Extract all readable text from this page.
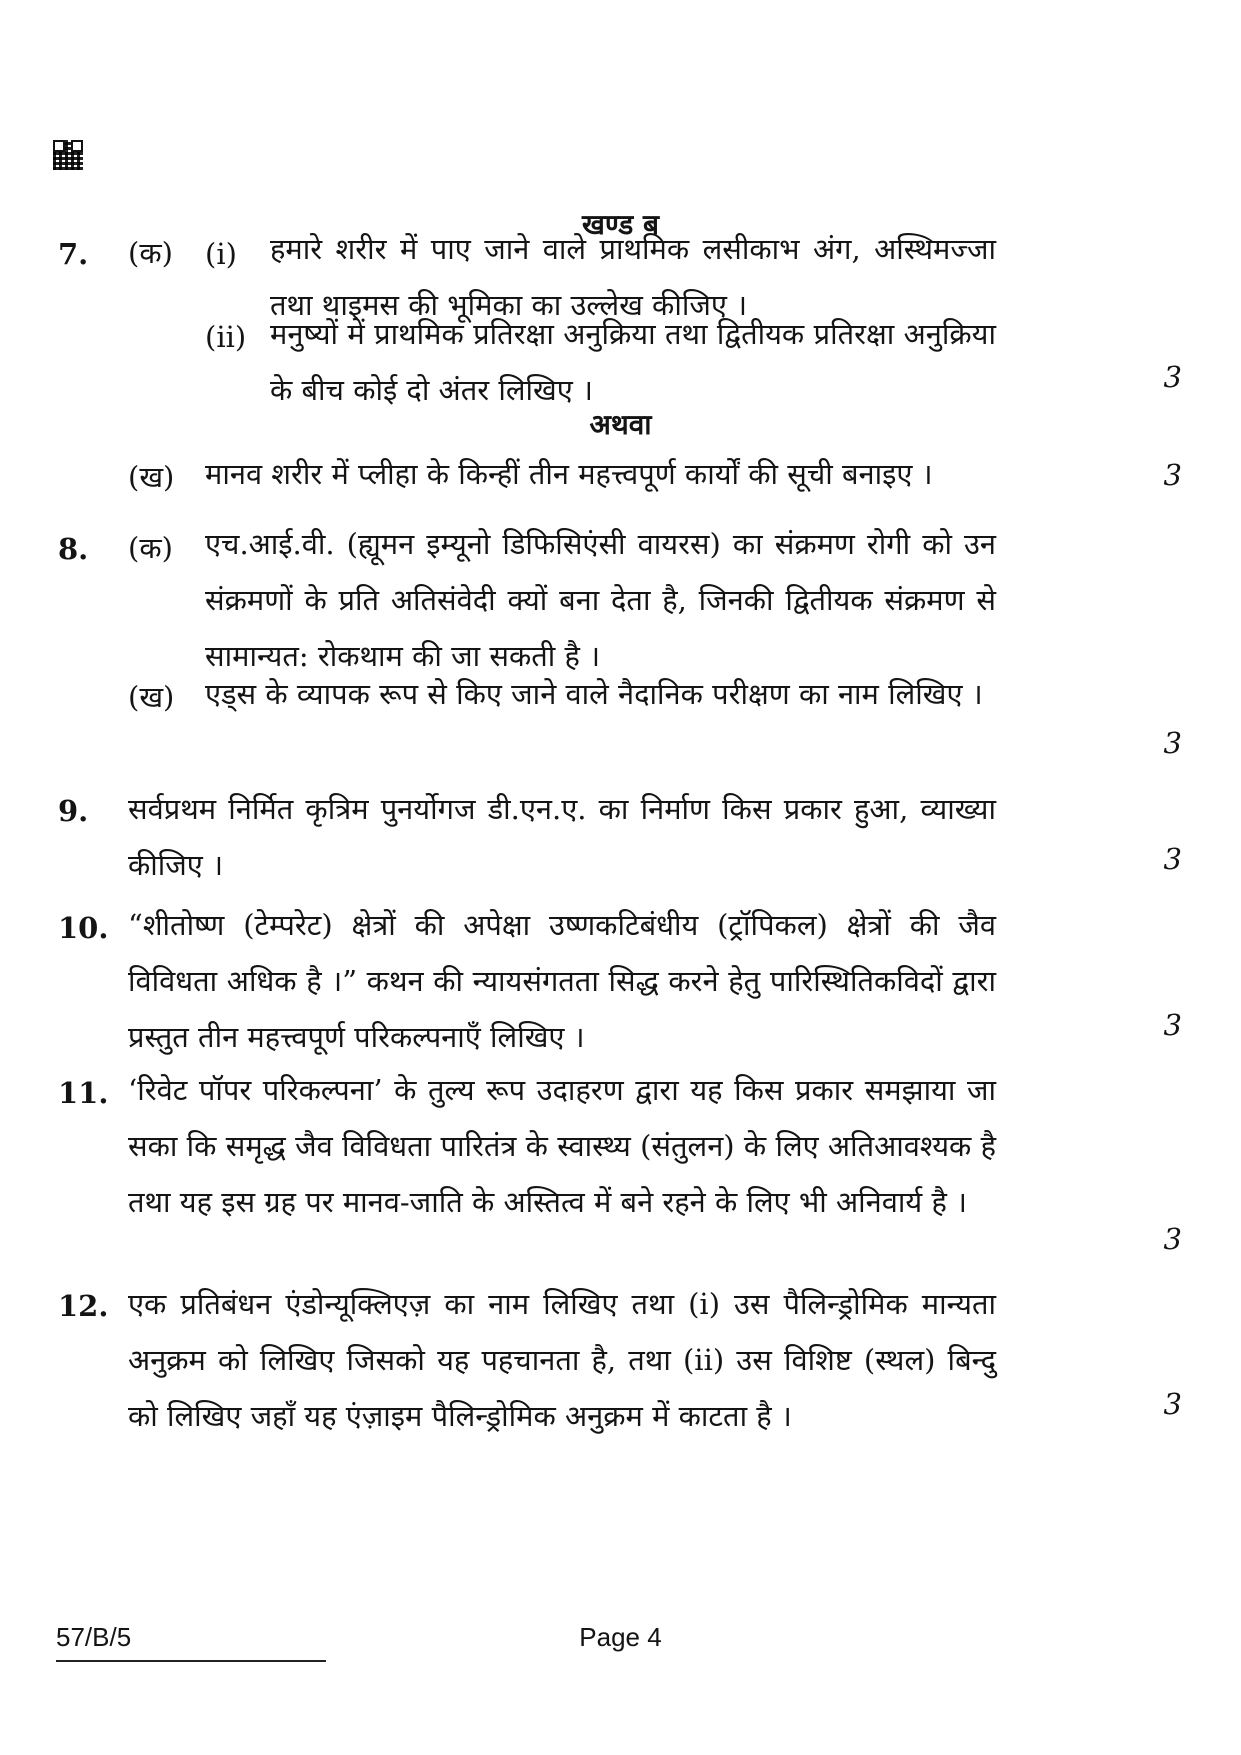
खण्ड ब
7. (क) (i) हमारे शरीर में पाए जाने वाले प्राथमिक लसीकाभ अंग, अस्थिमज्जा तथा थाइमस की भूमिका का उल्लेख कीजिए ।
(ii) मनुष्यों में प्राथमिक प्रतिरक्षा अनुक्रिया तथा द्वितीयक प्रतिरक्षा अनुक्रिया के बीच कोई दो अंतर लिखिए ।	3
अथवा
(ख) मानव शरीर में प्लीहा के किन्हीं तीन महत्त्वपूर्ण कार्यों की सूची बनाइए ।	3
8. (क) एच.आई.वी. (ह्यूमन इम्यूनो डिफिसिएंसी वायरस) का संक्रमण रोगी को उन संक्रमणों के प्रति अतिसंवेदी क्यों बना देता है, जिनकी द्वितीयक संक्रमण से सामान्यत: रोकथाम की जा सकती है ।
(ख) एड्स के व्यापक रूप से किए जाने वाले नैदानिक परीक्षण का नाम लिखिए ।
3
9. सर्वप्रथम निर्मित कृत्रिम पुनर्योगज डी.एन.ए. का निर्माण किस प्रकार हुआ, व्याख्या कीजिए ।	3
10. “शीतोष्ण (टेम्परेट) क्षेत्रों की अपेक्षा उष्णकटिबंधीय (ट्रॉपिकल) क्षेत्रों की जैव विविधता अधिक है ।” कथन की न्यायसंगतता सिद्ध करने हेतु पारिस्थितिकविदों द्वारा प्रस्तुत तीन महत्त्वपूर्ण परिकल्पनाएँ लिखिए ।	3
11. ‘रिवेट पॉपर परिकल्पना’ के तुल्य रूप उदाहरण द्वारा यह किस प्रकार समझाया जा सका कि समृद्ध जैव विविधता पारितंत्र के स्वास्थ्य (संतुलन) के लिए अतिआवश्यक है तथा यह इस ग्रह पर मानव-जाति के अस्तित्व में बने रहने के लिए भी अनिवार्य है ।
3
12. एक प्रतिबंधन एंडोन्यूक्लिएज़ का नाम लिखिए तथा (i) उस पैलिन्ड्रोमिक मान्यता अनुक्रम को लिखिए जिसको यह पहचानता है, तथा (ii) उस विशिष्ट (स्थल) बिन्दु को लिखिए जहाँ यह एंज़ाइम पैलिन्ड्रोमिक अनुक्रम में काटता है ।	3
57/B/5	Page 4
